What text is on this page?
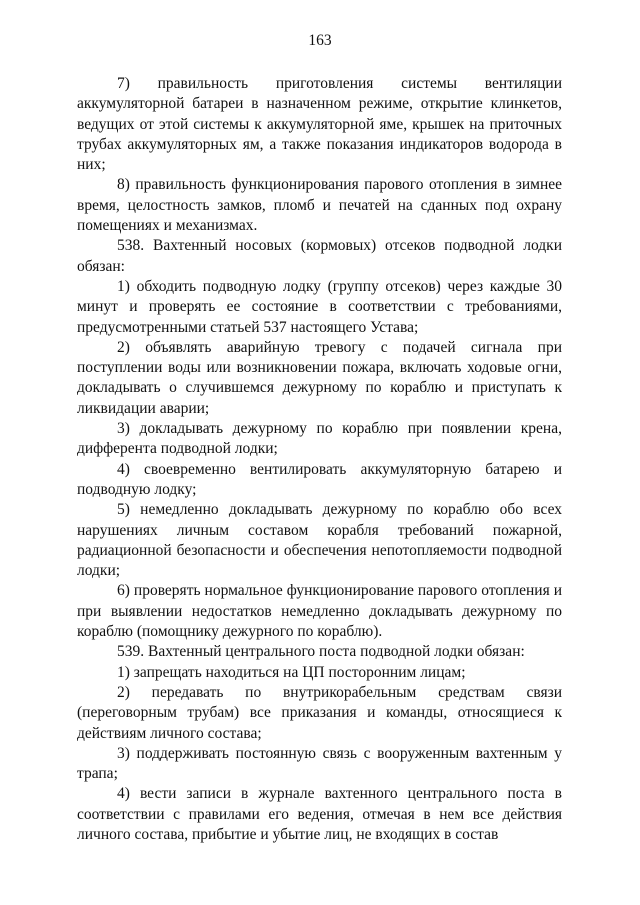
163

7) правильность приготовления системы вентиляции аккумуляторной батареи в назначенном режиме, открытие клинкетов, ведущих от этой системы к аккумуляторной яме, крышек на приточных трубах аккумуляторных ям, а также показания индикаторов водорода в них;

8) правильность функционирования парового отопления в зимнее время, целостность замков, пломб и печатей на сданных под охрану помещениях и механизмах.

538. Вахтенный носовых (кормовых) отсеков подводной лодки обязан:

1) обходить подводную лодку (группу отсеков) через каждые 30 минут и проверять ее состояние в соответствии с требованиями, предусмотренными статьей 537 настоящего Устава;

2) объявлять аварийную тревогу с подачей сигнала при поступлении воды или возникновении пожара, включать ходовые огни, докладывать о случившемся дежурному по кораблю и приступать к ликвидации аварии;

3) докладывать дежурному по кораблю при появлении крена, дифферента подводной лодки;

4) своевременно вентилировать аккумуляторную батарею и подводную лодку;

5) немедленно докладывать дежурному по кораблю обо всех нарушениях личным составом корабля требований пожарной, радиационной безопасности и обеспечения непотопляемости подводной лодки;

6) проверять нормальное функционирование парового отопления и при выявлении недостатков немедленно докладывать дежурному по кораблю (помощнику дежурного по кораблю).

539. Вахтенный центрального поста подводной лодки обязан:

1) запрещать находиться на ЦП посторонним лицам;

2) передавать по внутрикорабельным средствам связи (переговорным трубам) все приказания и команды, относящиеся к действиям личного состава;

3) поддерживать постоянную связь с вооруженным вахтенным у трапа;

4) вести записи в журнале вахтенного центрального поста в соответствии с правилами его ведения, отмечая в нем все действия личного состава, прибытие и убытие лиц, не входящих в состав
